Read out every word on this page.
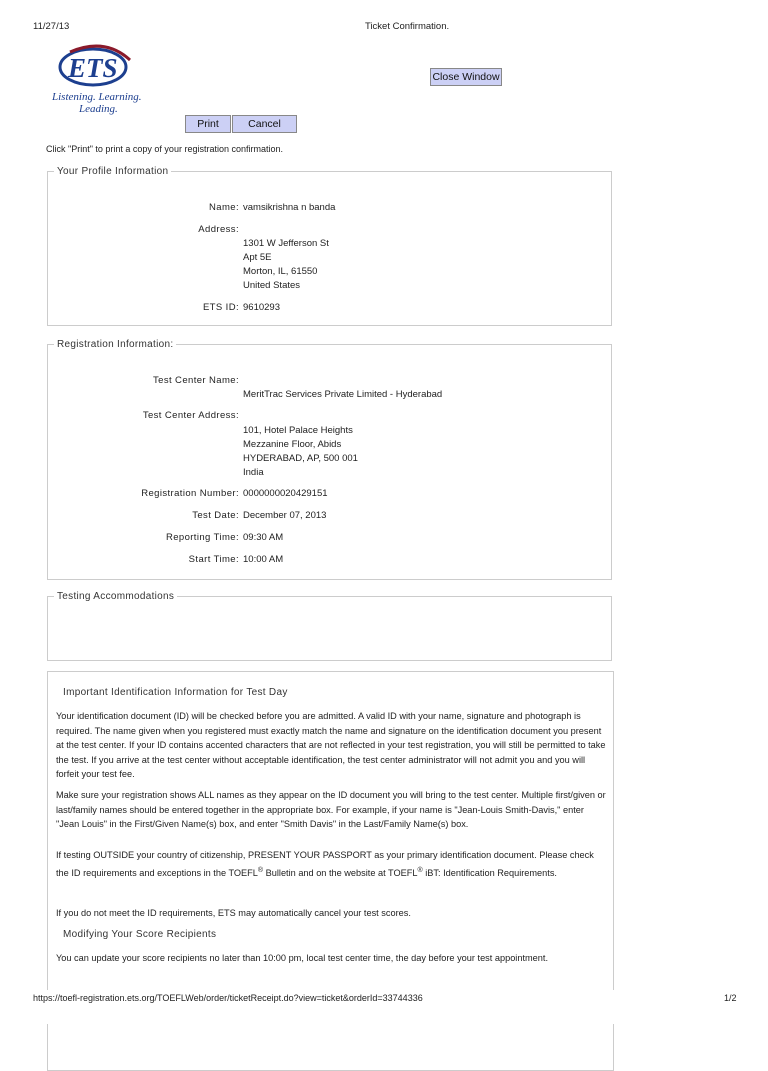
11/27/13	Ticket Confirmation.
ETS
Listening. Learning.
Leading.
Close Window
Print	Cancel
Click "Print" to print a copy of your registration confirmation.
Your Profile Information
Name: vamsikrishna n banda
Address:
1301 W Jefferson St
Apt 5E
Morton, IL, 61550
United States
ETS ID: 9610293
Registration Information:
Test Center Name:
MeritTrac Services Private Limited - Hyderabad
Test Center Address:
101, Hotel Palace Heights
Mezzanine Floor, Abids
HYDERABAD, AP, 500 001
India
Registration Number: 0000000020429151
Test Date: December 07, 2013
Reporting Time: 09:30 AM
Start Time: 10:00 AM
Testing Accommodations
Important Identification Information for Test Day

Your identification document (ID) will be checked before you are admitted. A valid ID with your name, signature and photograph is required. The name given when you registered must exactly match the name and signature on the identification document you present at the test center. If your ID contains accented characters that are not reflected in your test registration, you will still be permitted to take the test. If you arrive at the test center without acceptable identification, the test center administrator will not admit you and you will forfeit your test fee.

Make sure your registration shows ALL names as they appear on the ID document you will bring to the test center. Multiple first/given or last/family names should be entered together in the appropriate box. For example, if your name is "Jean-Louis Smith-Davis," enter "Jean Louis" in the First/Given Name(s) box, and enter "Smith Davis" in the Last/Family Name(s) box.

If testing OUTSIDE your country of citizenship, PRESENT YOUR PASSPORT as your primary identification document. Please check the ID requirements and exceptions in the TOEFL® Bulletin and on the website at TOEFL® iBT: Identification Requirements.

If you do not meet the ID requirements, ETS may automatically cancel your test scores.

Modifying Your Score Recipients

You can update your score recipients no later than 10:00 pm, local test center time, the day before your test appointment.

https://toefl-registration.ets.org/TOEFLWeb/order/ticketReceipt.do?view=ticket&orderId=33744336	1/2
